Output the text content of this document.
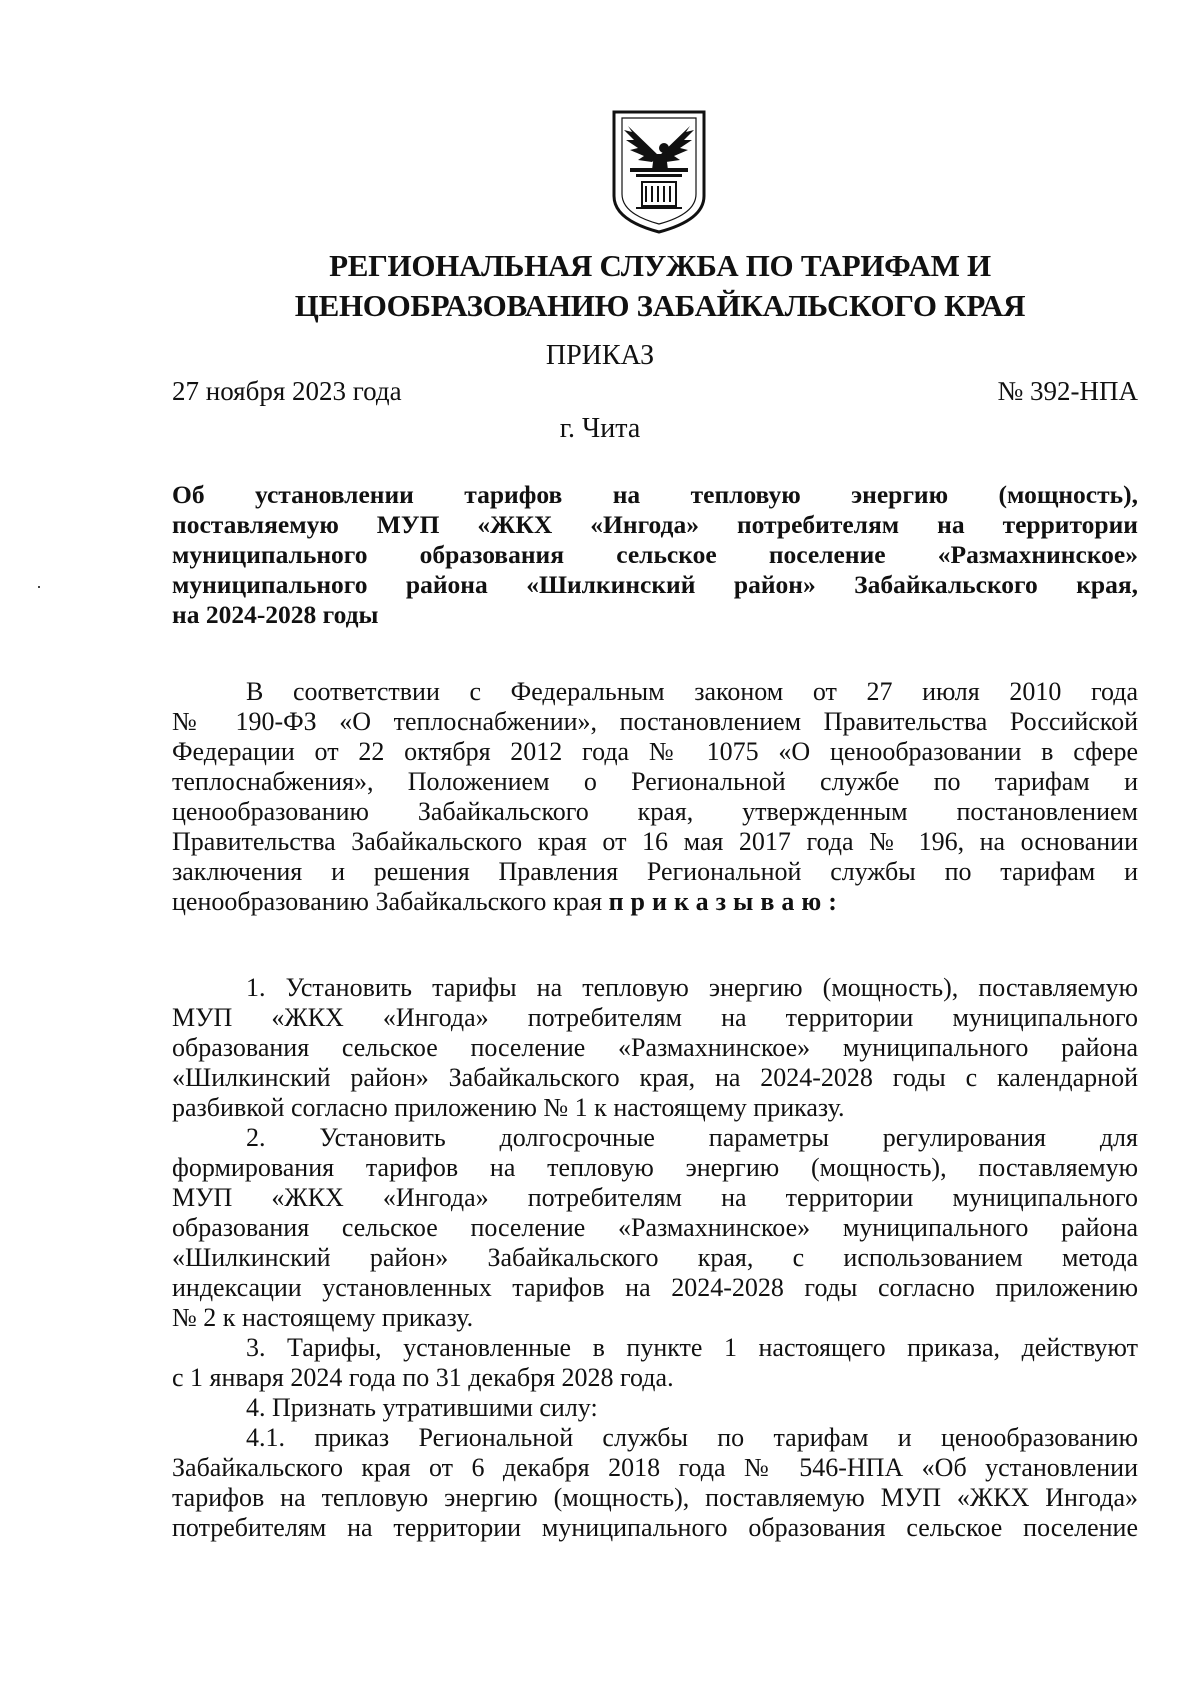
РЕГИОНАЛЬНАЯ СЛУЖБА ПО ТАРИФАМ И
ЦЕНООБРАЗОВАНИЮ ЗАБАЙКАЛЬСКОГО КРАЯ
ПРИКАЗ
27 ноября 2023 года	№ 392-НПА
г. Чита
Об установлении тарифов на тепловую энергию (мощность),
поставляемую МУП «ЖКХ «Ингода» потребителям на территории
муниципального образования сельское поселение «Размахнинское»
муниципального района «Шилкинский район» Забайкальского края,
на 2024-2028 годы
В соответствии с Федеральным законом от 27 июля 2010 года
№ 190-ФЗ «О теплоснабжении», постановлением Правительства Российской
Федерации от 22 октября 2012 года № 1075 «О ценообразовании в сфере
теплоснабжения», Положением о Региональной службе по тарифам и
ценообразованию Забайкальского края, утвержденным постановлением
Правительства Забайкальского края от 16 мая 2017 года № 196, на основании
заключения и решения Правления Региональной службы по тарифам и
ценообразованию Забайкальского края приказываю:
1. Установить тарифы на тепловую энергию (мощность), поставляемую
МУП «ЖКХ «Ингода» потребителям на территории муниципального
образования сельское поселение «Размахнинское» муниципального района
«Шилкинский район» Забайкальского края, на 2024-2028 годы с календарной
разбивкой согласно приложению № 1 к настоящему приказу.
2. Установить долгосрочные параметры регулирования для
формирования тарифов на тепловую энергию (мощность), поставляемую
МУП «ЖКХ «Ингода» потребителям на территории муниципального
образования сельское поселение «Размахнинское» муниципального района
«Шилкинский район» Забайкальского края, с использованием метода
индексации установленных тарифов на 2024-2028 годы согласно приложению
№ 2 к настоящему приказу.
3. Тарифы, установленные в пункте 1 настоящего приказа, действуют
с 1 января 2024 года по 31 декабря 2028 года.
4. Признать утратившими силу:
4.1. приказ Региональной службы по тарифам и ценообразованию
Забайкальского края от 6 декабря 2018 года № 546-НПА «Об установлении
тарифов на тепловую энергию (мощность), поставляемую МУП «ЖКХ Ингода»
потребителям на территории муниципального образования сельское поселение
